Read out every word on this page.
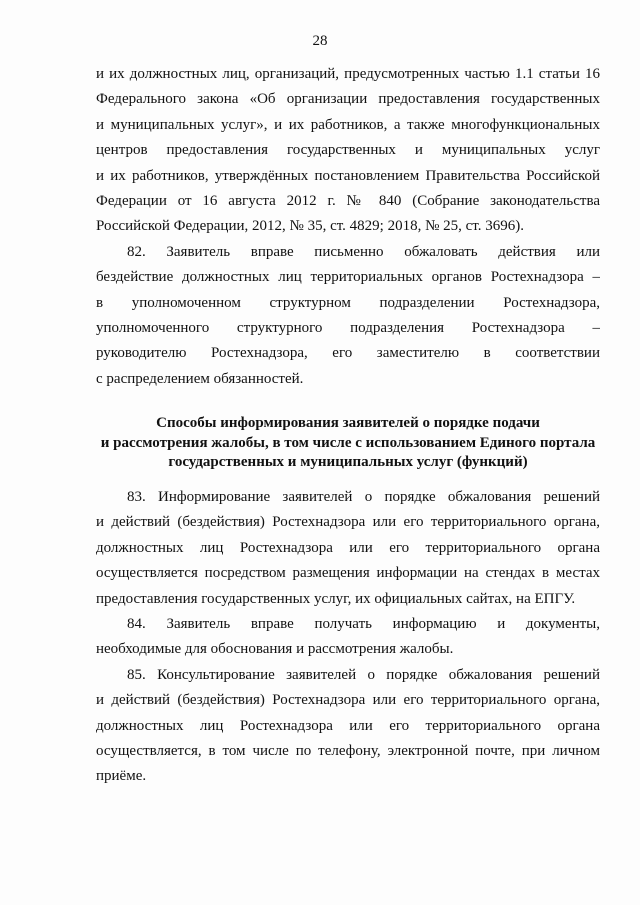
28
и их должностных лиц, организаций, предусмотренных частью 1.1 статьи 16
Федерального закона «Об организации предоставления государственных
и муниципальных услуг», и их работников, а также многофункциональных
центров предоставления государственных и муниципальных услуг
и их работников, утверждённых постановлением Правительства Российской
Федерации от 16 августа 2012 г. № 840 (Собрание законодательства
Российской Федерации, 2012, № 35, ст. 4829; 2018, № 25, ст. 3696).
82. Заявитель вправе письменно обжаловать действия или
бездействие должностных лиц территориальных органов Ростехнадзора –
в уполномоченном структурном подразделении Ростехнадзора,
уполномоченного структурного подразделения Ростехнадзора –
руководителю Ростехнадзора, его заместителю в соответствии
с распределением обязанностей.
Способы информирования заявителей о порядке подачи
и рассмотрения жалобы, в том числе с использованием Единого портала
государственных и муниципальных услуг (функций)
83. Информирование заявителей о порядке обжалования решений
и действий (бездействия) Ростехнадзора или его территориального органа,
должностных лиц Ростехнадзора или его территориального органа
осуществляется посредством размещения информации на стендах в местах
предоставления государственных услуг, их официальных сайтах, на ЕПГУ.
84. Заявитель вправе получать информацию и документы,
необходимые для обоснования и рассмотрения жалобы.
85. Консультирование заявителей о порядке обжалования решений
и действий (бездействия) Ростехнадзора или его территориального органа,
должностных лиц Ростехнадзора или его территориального органа
осуществляется, в том числе по телефону, электронной почте, при личном
приёме.
